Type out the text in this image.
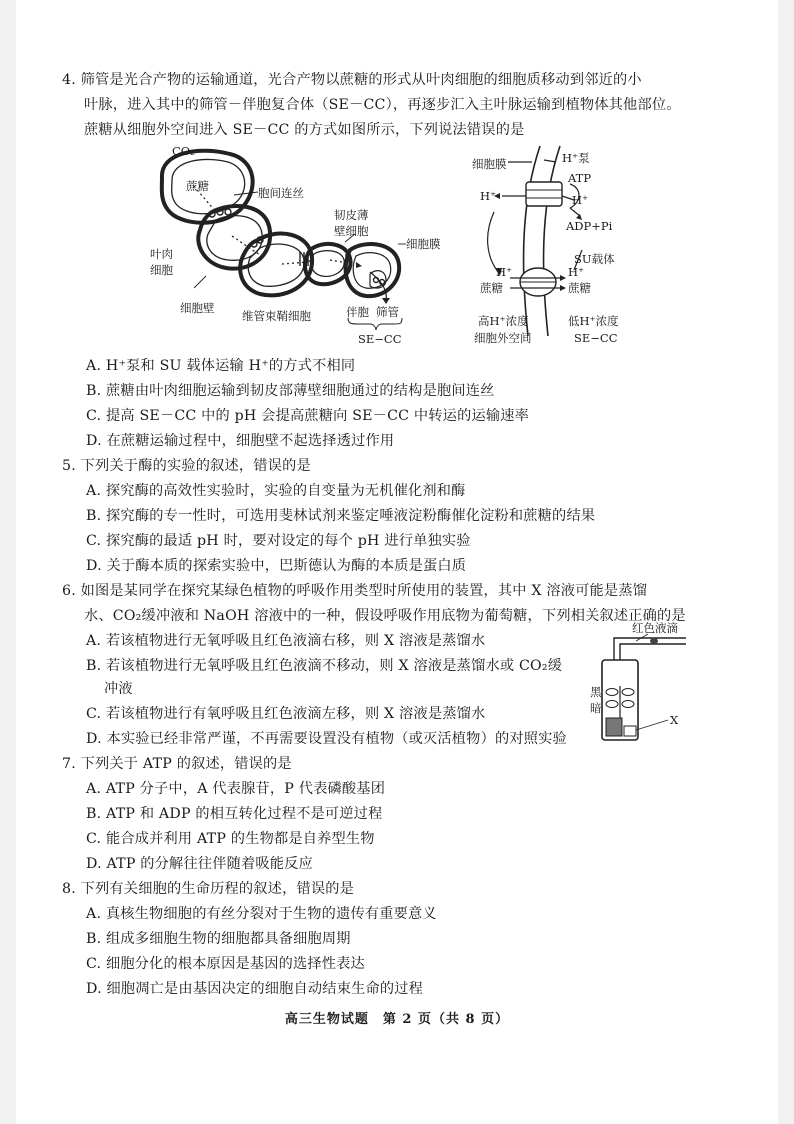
4. 筛管是光合产物的运输通道，光合产物以蔗糖的形式从叶肉细胞的细胞质移动到邻近的小
叶脉，进入其中的筛管－伴胞复合体（SE－CC），再逐步汇入主叶脉运输到植物体其他部位。
蔗糖从细胞外空间进入 SE－CC 的方式如图所示，下列说法错误的是
CO₂
蔗糖	胞间连丝
叶肉
细胞
韧皮薄
壁细胞
细胞膜
细胞壁
维管束鞘细胞	伴胞 筛管
SE−CC
细胞膜	H⁺泵
ATP
H⁺	H⁺
ADP+Pi
SU载体
H⁺	H⁺
蔗糖	蔗糖
高H⁺浓度
细胞外空间
低H⁺浓度
SE−CC
A. H⁺泵和 SU 载体运输 H⁺的方式不相同
B. 蔗糖由叶肉细胞运输到韧皮部薄壁细胞通过的结构是胞间连丝
C. 提高 SE－CC 中的 pH 会提高蔗糖向 SE－CC 中转运的运输速率
D. 在蔗糖运输过程中，细胞壁不起选择透过作用
5. 下列关于酶的实验的叙述，错误的是
A. 探究酶的高效性实验时，实验的自变量为无机催化剂和酶
B. 探究酶的专一性时，可选用斐林试剂来鉴定唾液淀粉酶催化淀粉和蔗糖的结果
C. 探究酶的最适 pH 时，要对设定的每个 pH 进行单独实验
D. 关于酶本质的探索实验中，巴斯德认为酶的本质是蛋白质
6. 如图是某同学在探究某绿色植物的呼吸作用类型时所使用的装置，其中 X 溶液可能是蒸馏
水、CO₂缓冲液和 NaOH 溶液中的一种，假设呼吸作用底物为葡萄糖，下列相关叙述正确的是
A. 若该植物进行无氧呼吸且红色液滴右移，则 X 溶液是蒸馏水
B. 若该植物进行无氧呼吸且红色液滴不移动，则 X 溶液是蒸馏水或 CO₂缓
冲液
C. 若该植物进行有氧呼吸且红色液滴左移，则 X 溶液是蒸馏水
D. 本实验已经非常严谨，不再需要设置没有植物（或灭活植物）的对照实验
红色液滴
黑
暗
X
7. 下列关于 ATP 的叙述，错误的是
A. ATP 分子中，A 代表腺苷，P 代表磷酸基团
B. ATP 和 ADP 的相互转化过程不是可逆过程
C. 能合成并利用 ATP 的生物都是自养型生物
D. ATP 的分解往往伴随着吸能反应
8. 下列有关细胞的生命历程的叙述，错误的是
A. 真核生物细胞的有丝分裂对于生物的遗传有重要意义
B. 组成多细胞生物的细胞都具备细胞周期
C. 细胞分化的根本原因是基因的选择性表达
D. 细胞凋亡是由基因决定的细胞自动结束生命的过程
高三生物试题　第 2 页（共 8 页）
